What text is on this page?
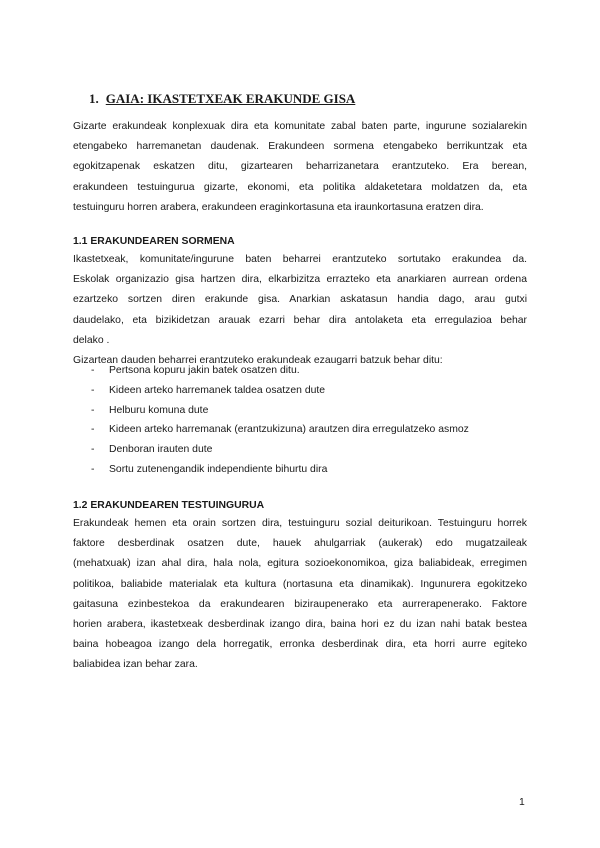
1. GAIA: IKASTETXEAK ERAKUNDE GISA
Gizarte erakundeak konplexuak dira eta komunitate zabal baten parte, ingurune sozialarekin
etengabeko harremanetan daudenak. Erakundeen sormena etengabeko berrikuntzak eta
egokitzapenak eskatzen ditu, gizartearen beharrizanetara erantzuteko. Era berean,
erakundeen testuingurua gizarte, ekonomi, eta politika aldaketetara moldatzen da, eta
testuinguru horren arabera, erakundeen eraginkortasuna eta iraunkortasuna eratzen dira.
1.1 ERAKUNDEAREN SORMENA
Ikastetxeak, komunitate/ingurune baten beharrei erantzuteko sortutako erakundea da.
Eskolak organizazio gisa hartzen dira, elkarbizitza errazteko eta anarkiaren aurrean ordena
ezartzeko sortzen diren erakunde gisa. Anarkian askatasun handia dago, arau gutxi
daudelako, eta bizikidetzan arauak ezarri behar dira antolaketa eta erregulazioa behar
delako .
Gizartean dauden beharrei erantzuteko erakundeak ezaugarri batzuk behar ditu:
- Pertsona kopuru jakin batek osatzen ditu.
- Kideen arteko harremanek taldea osatzen dute
- Helburu komuna dute
- Kideen arteko harremanak (erantzukizuna) arautzen dira erregulatzeko asmoz
- Denboran irauten dute
- Sortu zutenengandik independiente bihurtu dira
1.2 ERAKUNDEAREN TESTUINGURUA
Erakundeak hemen eta orain sortzen dira, testuinguru sozial deiturikoan. Testuinguru horrek
faktore desberdinak osatzen dute, hauek ahulgarriak (aukerak) edo mugatzaileak
(mehatxuak) izan ahal dira, hala nola, egitura sozioekonomikoa, giza baliabideak, erregimen
politikoa, baliabide materialak eta kultura (nortasuna eta dinamikak). Ingunurera egokitzeko
gaitasuna ezinbestekoa da erakundearen biziraupenerako eta aurrerapenerako. Faktore
horien arabera, ikastetxeak desberdinak izango dira, baina hori ez du izan nahi batak bestea
baina hobeagoa izango dela horregatik, erronka desberdinak dira, eta horri aurre egiteko
baliabidea izan behar zara.
1
